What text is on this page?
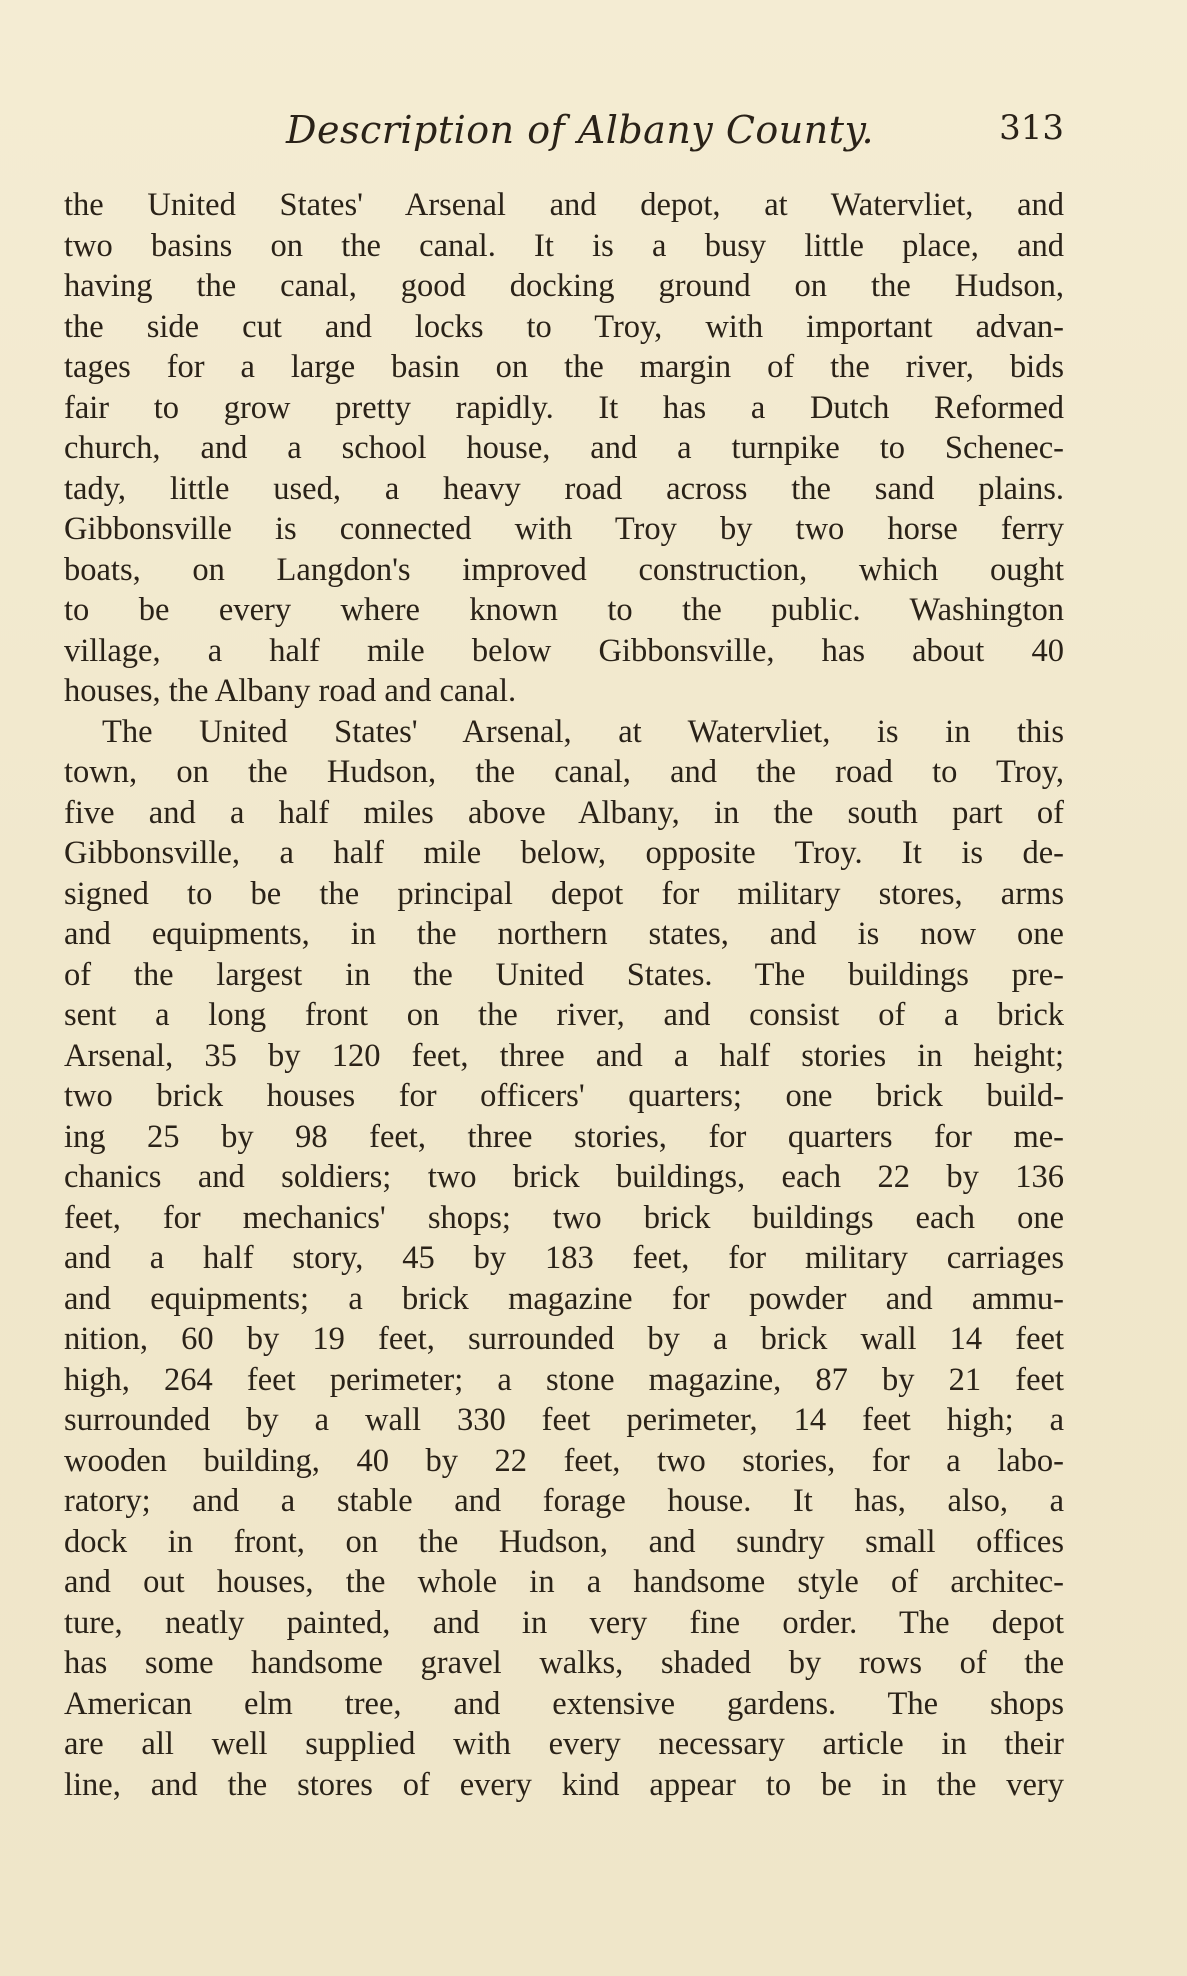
Description of Albany County.	313
the United States' Arsenal and depot, at Watervliet, and
two basins on the canal. It is a busy little place, and
having the canal, good docking ground on the Hudson,
the side cut and locks to Troy, with important advan-
tages for a large basin on the margin of the river, bids
fair to grow pretty rapidly. It has a Dutch Reformed
church, and a school house, and a turnpike to Schenec-
tady, little used, a heavy road across the sand plains.
Gibbonsville is connected with Troy by two horse ferry
boats, on Langdon's improved construction, which ought
to be every where known to the public. Washington
village, a half mile below Gibbonsville, has about 40
houses, the Albany road and canal.
The United States' Arsenal, at Watervliet, is in this
town, on the Hudson, the canal, and the road to Troy,
five and a half miles above Albany, in the south part of
Gibbonsville, a half mile below, opposite Troy. It is de-
signed to be the principal depot for military stores, arms
and equipments, in the northern states, and is now one
of the largest in the United States. The buildings pre-
sent a long front on the river, and consist of a brick
Arsenal, 35 by 120 feet, three and a half stories in height;
two brick houses for officers' quarters; one brick build-
ing 25 by 98 feet, three stories, for quarters for me-
chanics and soldiers; two brick buildings, each 22 by 136
feet, for mechanics' shops; two brick buildings each one
and a half story, 45 by 183 feet, for military carriages
and equipments; a brick magazine for powder and ammu-
nition, 60 by 19 feet, surrounded by a brick wall 14 feet
high, 264 feet perimeter; a stone magazine, 87 by 21 feet
surrounded by a wall 330 feet perimeter, 14 feet high; a
wooden building, 40 by 22 feet, two stories, for a labo-
ratory; and a stable and forage house. It has, also, a
dock in front, on the Hudson, and sundry small offices
and out houses, the whole in a handsome style of architec-
ture, neatly painted, and in very fine order. The depot
has some handsome gravel walks, shaded by rows of the
American elm tree, and extensive gardens. The shops
are all well supplied with every necessary article in their
line, and the stores of every kind appear to be in the very
